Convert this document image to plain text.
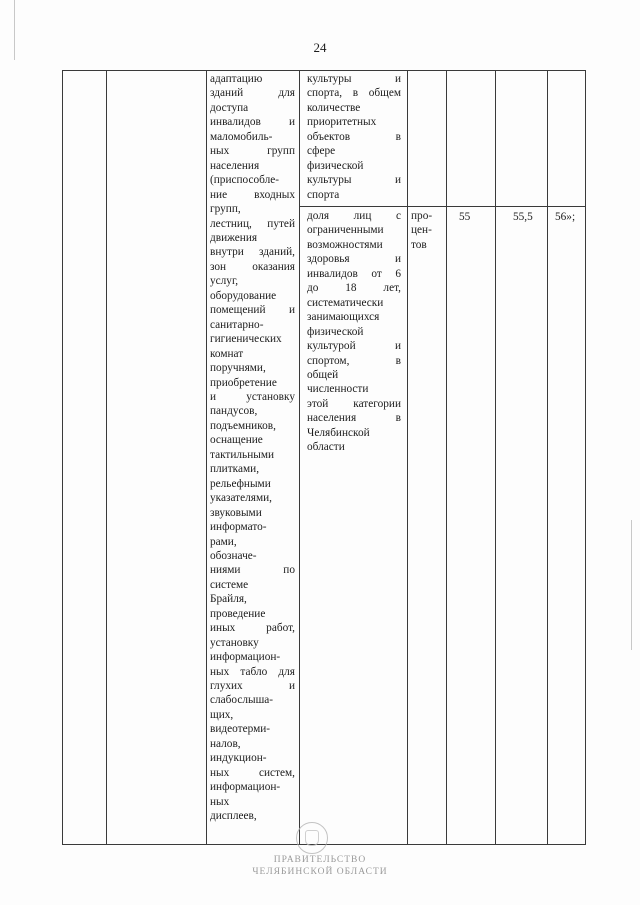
24
адаптацию
зданий для
доступа
инвалидов и
маломобиль-
ных групп
населения
(приспособле-
ние входных
групп,
лестниц, путей
движения
внутри зданий,
зон оказания
услуг,
оборудование
помещений и
санитарно-
гигиенических
комнат
поручнями,
приобретение
и установку
пандусов,
подъемников,
оснащение
тактильными
плитками,
рельефными
указателями,
звуковыми
информато-
рами,
обозначе-
ниями по
системе
Брайля,
проведение
иных работ,
установку
информацион-
ных табло для
глухих и
слабослышa-
щих,
видеотерми-
налов,
индукцион-
ных систем,
информацион-
ных
дисплеев,
культуры и
спорта, в общем
количестве
приоритетных
объектов в
сфере
физической
культуры и
спорта
доля лиц с
ограниченными
возможностями
здоровья и
инвалидов от 6
до 18 лет,
систематически
занимающихся
физической
культурой и
спортом, в
общей
численности
этой категории
населения в
Челябинской
области
про-
цен-
тов
55	55,5 56»;
ПРАВИТЕЛЬСТВО
ЧЕЛЯБИНСКОЙ ОБЛАСТИ
